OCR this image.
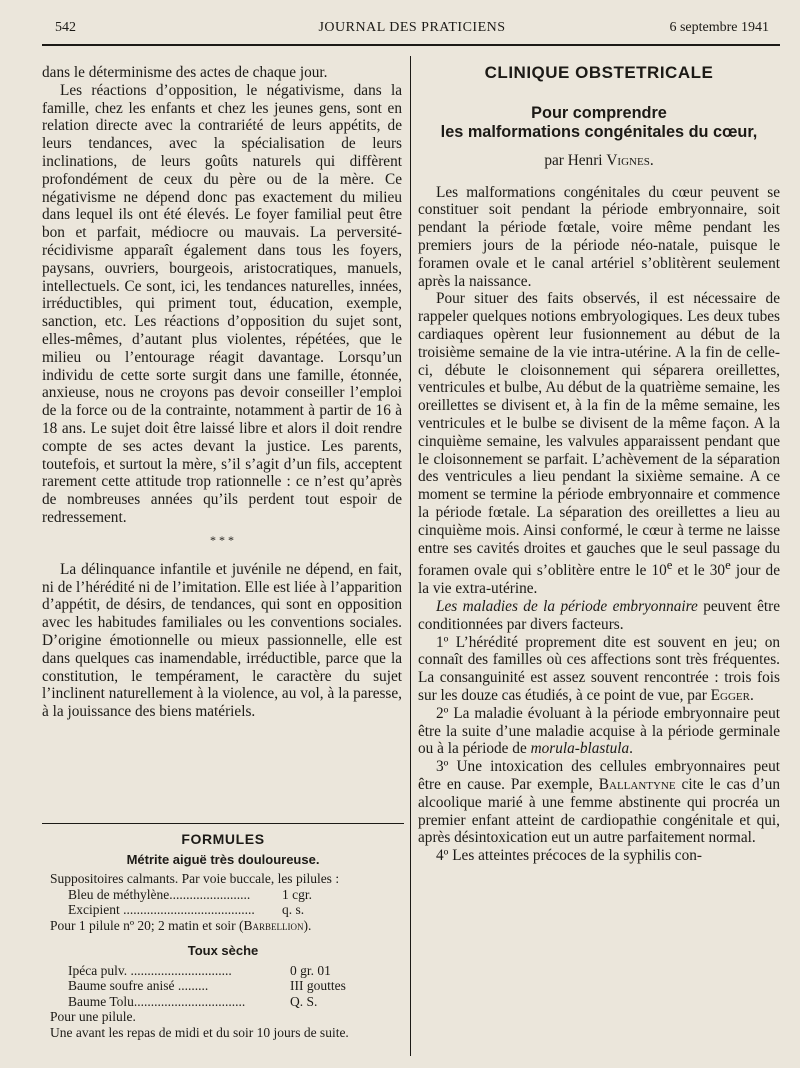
542	JOURNAL DES PRATICIENS	6 septembre 1941

dans le déterminisme des actes de chaque jour.

Les réactions d’opposition, le négativisme, dans la famille, chez les enfants et chez les jeunes gens, sont en relation directe avec la contrariété de leurs appétits, de leurs tendances, avec la spécialisation de leurs inclinations, de leurs goûts naturels qui diffèrent profondément de ceux du père ou de la mère. Ce négativisme ne dépend donc pas exactement du milieu dans lequel ils ont été élevés. Le foyer familial peut être bon et parfait, médiocre ou mauvais. La perversité-récidivisme apparaît également dans tous les foyers, paysans, ouvriers, bourgeois, aristocratiques, manuels, intellectuels. Ce sont, ici, les tendances naturelles, innées, irréductibles, qui priment tout, éducation, exemple, sanction, etc. Les réactions d’opposition du sujet sont, elles-mêmes, d’autant plus violentes, répétées, que le milieu ou l’entourage réagit davantage. Lorsqu’un individu de cette sorte surgit dans une famille, étonnée, anxieuse, nous ne croyons pas devoir conseiller l’emploi de la force ou de la contrainte, notamment à partir de 16 à 18 ans. Le sujet doit être laissé libre et alors il doit rendre compte de ses actes devant la justice. Les parents, toutefois, et surtout la mère, s’il s’agit d’un fils, acceptent rarement cette attitude trop rationnelle : ce n’est qu’après de nombreuses années qu’ils perdent tout espoir de redressement.

* * *

La délinquance infantile et juvénile ne dépend, en fait, ni de l’hérédité ni de l’imitation. Elle est liée à l’apparition d’appétit, de désirs, de tendances, qui sont en opposition avec les habitudes familiales ou les conventions sociales. D’origine émotionnelle ou mieux passionnelle, elle est dans quelques cas inamendable, irréductible, parce que la constitution, le tempérament, le caractère du sujet l’inclinent naturellement à la violence, au vol, à la paresse, à la jouissance des biens matériels.

FORMULES

Métrite aiguë très douloureuse.

Suppositoires calmants. Par voie buccale, les pilules :

Bleu de méthylène........................	1 cgr.
Excipient .......................................	q. s.

Pour 1 pilule nº 20; 2 matin et soir (Barbellion).

Toux sèche

Ipéca pulv. ..............................	0 gr. 01
Baume soufre anisé .........	III gouttes
Baume Tolu.................................	Q. S.

Pour une pilule.

Une avant les repas de midi et du soir 10 jours de suite.

CLINIQUE OBSTETRICALE

Pour comprendre
les malformations congénitales du cœur,

par Henri Vignes.

Les malformations congénitales du cœur peuvent se constituer soit pendant la période embryonnaire, soit pendant la période fœtale, voire même pendant les premiers jours de la période néo-natale, puisque le foramen ovale et le canal artériel s’oblitèrent seulement après la naissance.

Pour situer des faits observés, il est nécessaire de rappeler quelques notions embryologiques. Les deux tubes cardiaques opèrent leur fusionnement au début de la troisième semaine de la vie intra-utérine. A la fin de celle-ci, débute le cloisonnement qui séparera oreillettes, ventricules et bulbe, Au début de la quatrième semaine, les oreillettes se divisent et, à la fin de la même semaine, les ventricules et le bulbe se divisent de la même façon. A la cinquième semaine, les valvules apparaissent pendant que le cloisonnement se parfait. L’achèvement de la séparation des ventricules a lieu pendant la sixième semaine. A ce moment se termine la période embryonnaire et commence la période fœtale. La séparation des oreillettes a lieu au cinquième mois. Ainsi conformé, le cœur à terme ne laisse entre ses cavités droites et gauches que le seul passage du foramen ovale qui s’oblitère entre le 10e et le 30e jour de la vie extra-utérine.

Les maladies de la période embryonnaire peuvent être conditionnées par divers facteurs.

1º L’hérédité proprement dite est souvent en jeu; on connaît des familles où ces affections sont très fréquentes. La consanguinité est assez souvent rencontrée : trois fois sur les douze cas étudiés, à ce point de vue, par Egger.

2º La maladie évoluant à la période embryonnaire peut être la suite d’une maladie acquise à la période germinale ou à la période de morula-blastula.

3º Une intoxication des cellules embryonnaires peut être en cause. Par exemple, Ballantyne cite le cas d’un alcoolique marié à une femme abstinente qui procréa un premier enfant atteint de cardiopathie congénitale et qui, après désintoxication eut un autre parfaitement normal.

4º Les atteintes précoces de la syphilis con-
